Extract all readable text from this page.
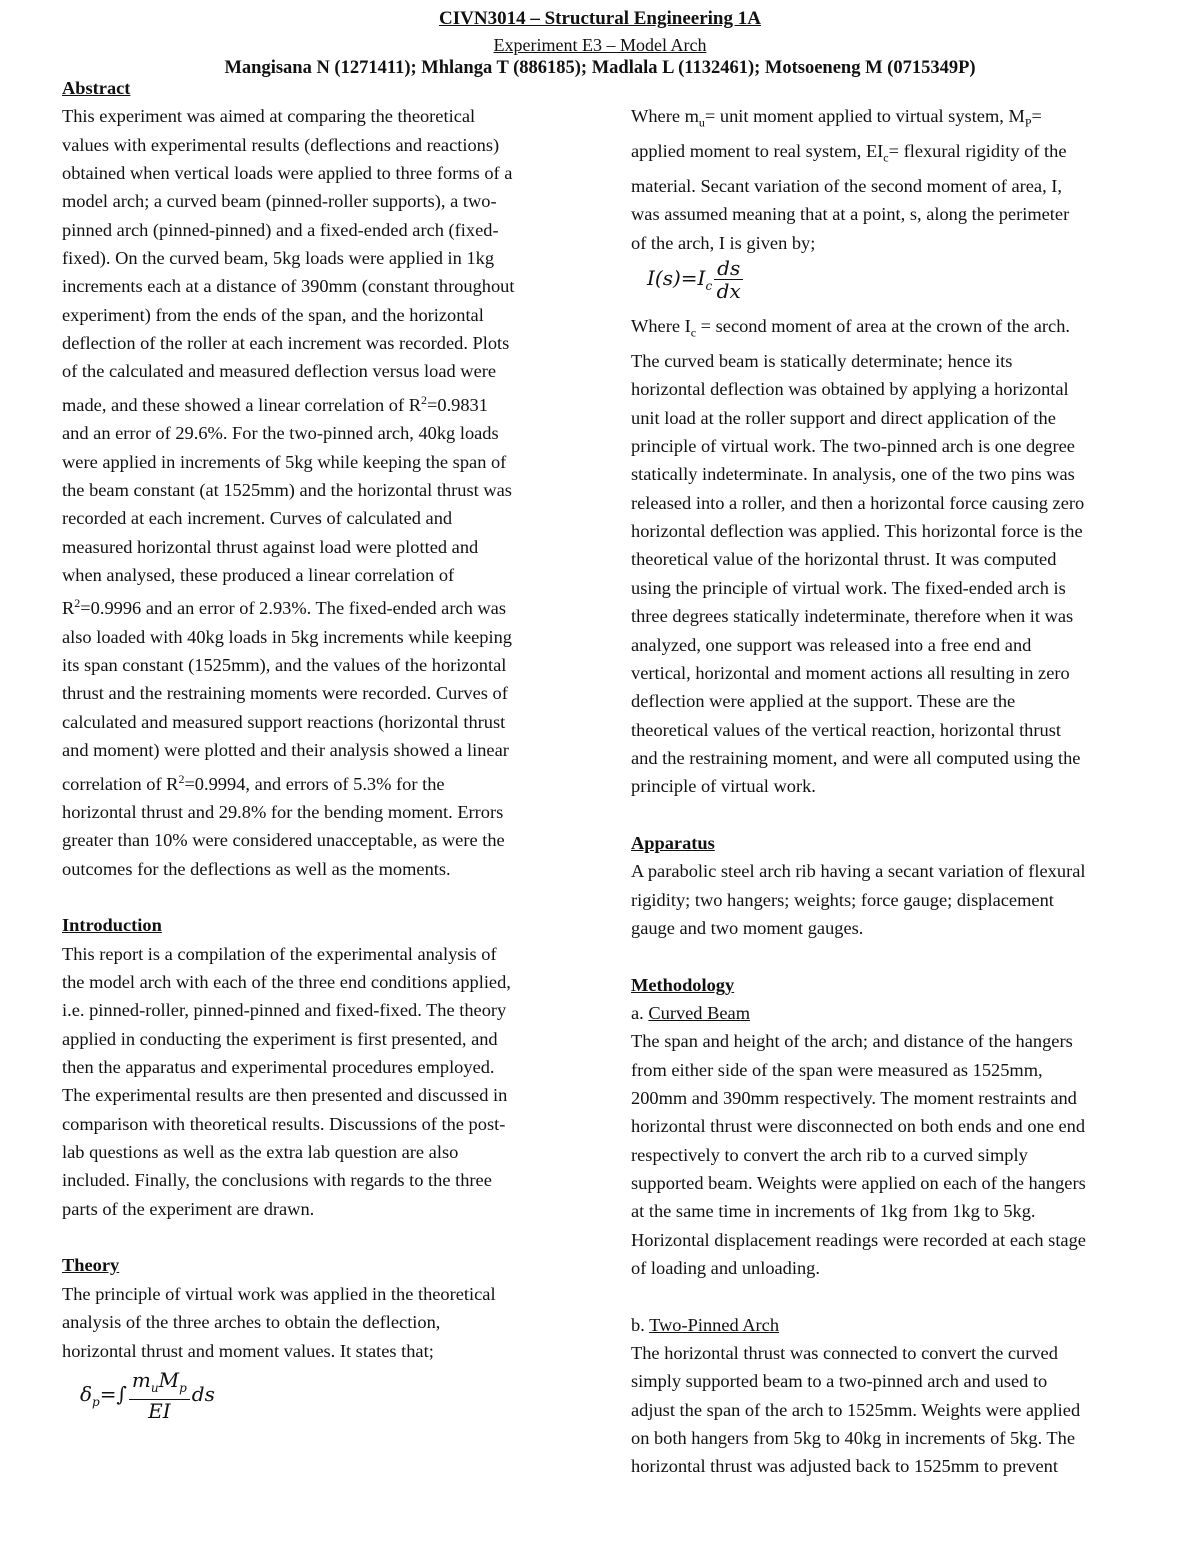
CIVN3014 – Structural Engineering 1A
Experiment E3 – Model Arch
Mangisana N (1271411); Mhlanga T (886185); Madlala L (1132461); Motsoeneng M (0715349P)
Abstract
This experiment was aimed at comparing the theoretical
values with experimental results (deflections and reactions)
obtained when vertical loads were applied to three forms of a
model arch; a curved beam (pinned-roller supports), a two-
pinned arch (pinned-pinned) and a fixed-ended arch (fixed-
fixed). On the curved beam, 5kg loads were applied in 1kg
increments each at a distance of 390mm (constant throughout
experiment) from the ends of the span, and the horizontal
deflection of the roller at each increment was recorded. Plots
of the calculated and measured deflection versus load were
made, and these showed a linear correlation of $R^2=0.9831$
and an error of 29.6%. For the two-pinned arch, 40kg loads
were applied in increments of 5kg while keeping the span of
the beam constant (at 1525mm) and the horizontal thrust was
recorded at each increment. Curves of calculated and
measured horizontal thrust against load were plotted and
when analysed, these produced a linear correlation of
$R^2=0.9996$ and an error of 2.93%. The fixed-ended arch was
also loaded with 40kg loads in 5kg increments while keeping
its span constant (1525mm), and the values of the horizontal
thrust and the restraining moments were recorded. Curves of
calculated and measured support reactions (horizontal thrust
and moment) were plotted and their analysis showed a linear
correlation of $R^2=0.9994$, and errors of 5.3% for the
horizontal thrust and 29.8% for the bending moment. Errors
greater than 10% were considered unacceptable, as were the
outcomes for the deflections as well as the moments.
Introduction
This report is a compilation of the experimental analysis of
the model arch with each of the three end conditions applied,
i.e. pinned-roller, pinned-pinned and fixed-fixed. The theory
applied in conducting the experiment is first presented, and
then the apparatus and experimental procedures employed.
The experimental results are then presented and discussed in
comparison with theoretical results. Discussions of the post-
lab questions as well as the extra lab question are also
included. Finally, the conclusions with regards to the three
parts of the experiment are drawn.
Theory
The principle of virtual work was applied in the theoretical
analysis of the three arches to obtain the deflection,
horizontal thrust and moment values. It states that;
$\delta_p=\int \frac{m_uM_p}{EI}$ ds
Where $m_u=$ unit moment applied to virtual system, $M_P=$
applied moment to real system, $EI_c=$ flexural rigidity of the
material. Secant variation of the second moment of area, I,
was assumed meaning that at a point, s, along the perimeter
of the arch, I is given by;
$I(s)=I_c \frac{ds}{dx}$
Where $I_c$ = second moment of area at the crown of the arch.
The curved beam is statically determinate; hence its
horizontal deflection was obtained by applying a horizontal
unit load at the roller support and direct application of the
principle of virtual work. The two-pinned arch is one degree
statically indeterminate. In analysis, one of the two pins was
released into a roller, and then a horizontal force causing zero
horizontal deflection was applied. This horizontal force is the
theoretical value of the horizontal thrust. It was computed
using the principle of virtual work. The fixed-ended arch is
three degrees statically indeterminate, therefore when it was
analyzed, one support was released into a free end and
vertical, horizontal and moment actions all resulting in zero
deflection were applied at the support. These are the
theoretical values of the vertical reaction, horizontal thrust
and the restraining moment, and were all computed using the
principle of virtual work.
Apparatus
A parabolic steel arch rib having a secant variation of flexural
rigidity; two hangers; weights; force gauge; displacement
gauge and two moment gauges.
Methodology
a. Curved Beam
The span and height of the arch; and distance of the hangers
from either side of the span were measured as 1525mm,
200mm and 390mm respectively. The moment restraints and
horizontal thrust were disconnected on both ends and one end
respectively to convert the arch rib to a curved simply
supported beam. Weights were applied on each of the hangers
at the same time in increments of 1kg from 1kg to 5kg.
Horizontal displacement readings were recorded at each stage
of loading and unloading.
b. Two-Pinned Arch
The horizontal thrust was connected to convert the curved
simply supported beam to a two-pinned arch and used to
adjust the span of the arch to 1525mm. Weights were applied
on both hangers from 5kg to 40kg in increments of 5kg. The
horizontal thrust was adjusted back to 1525mm to prevent
